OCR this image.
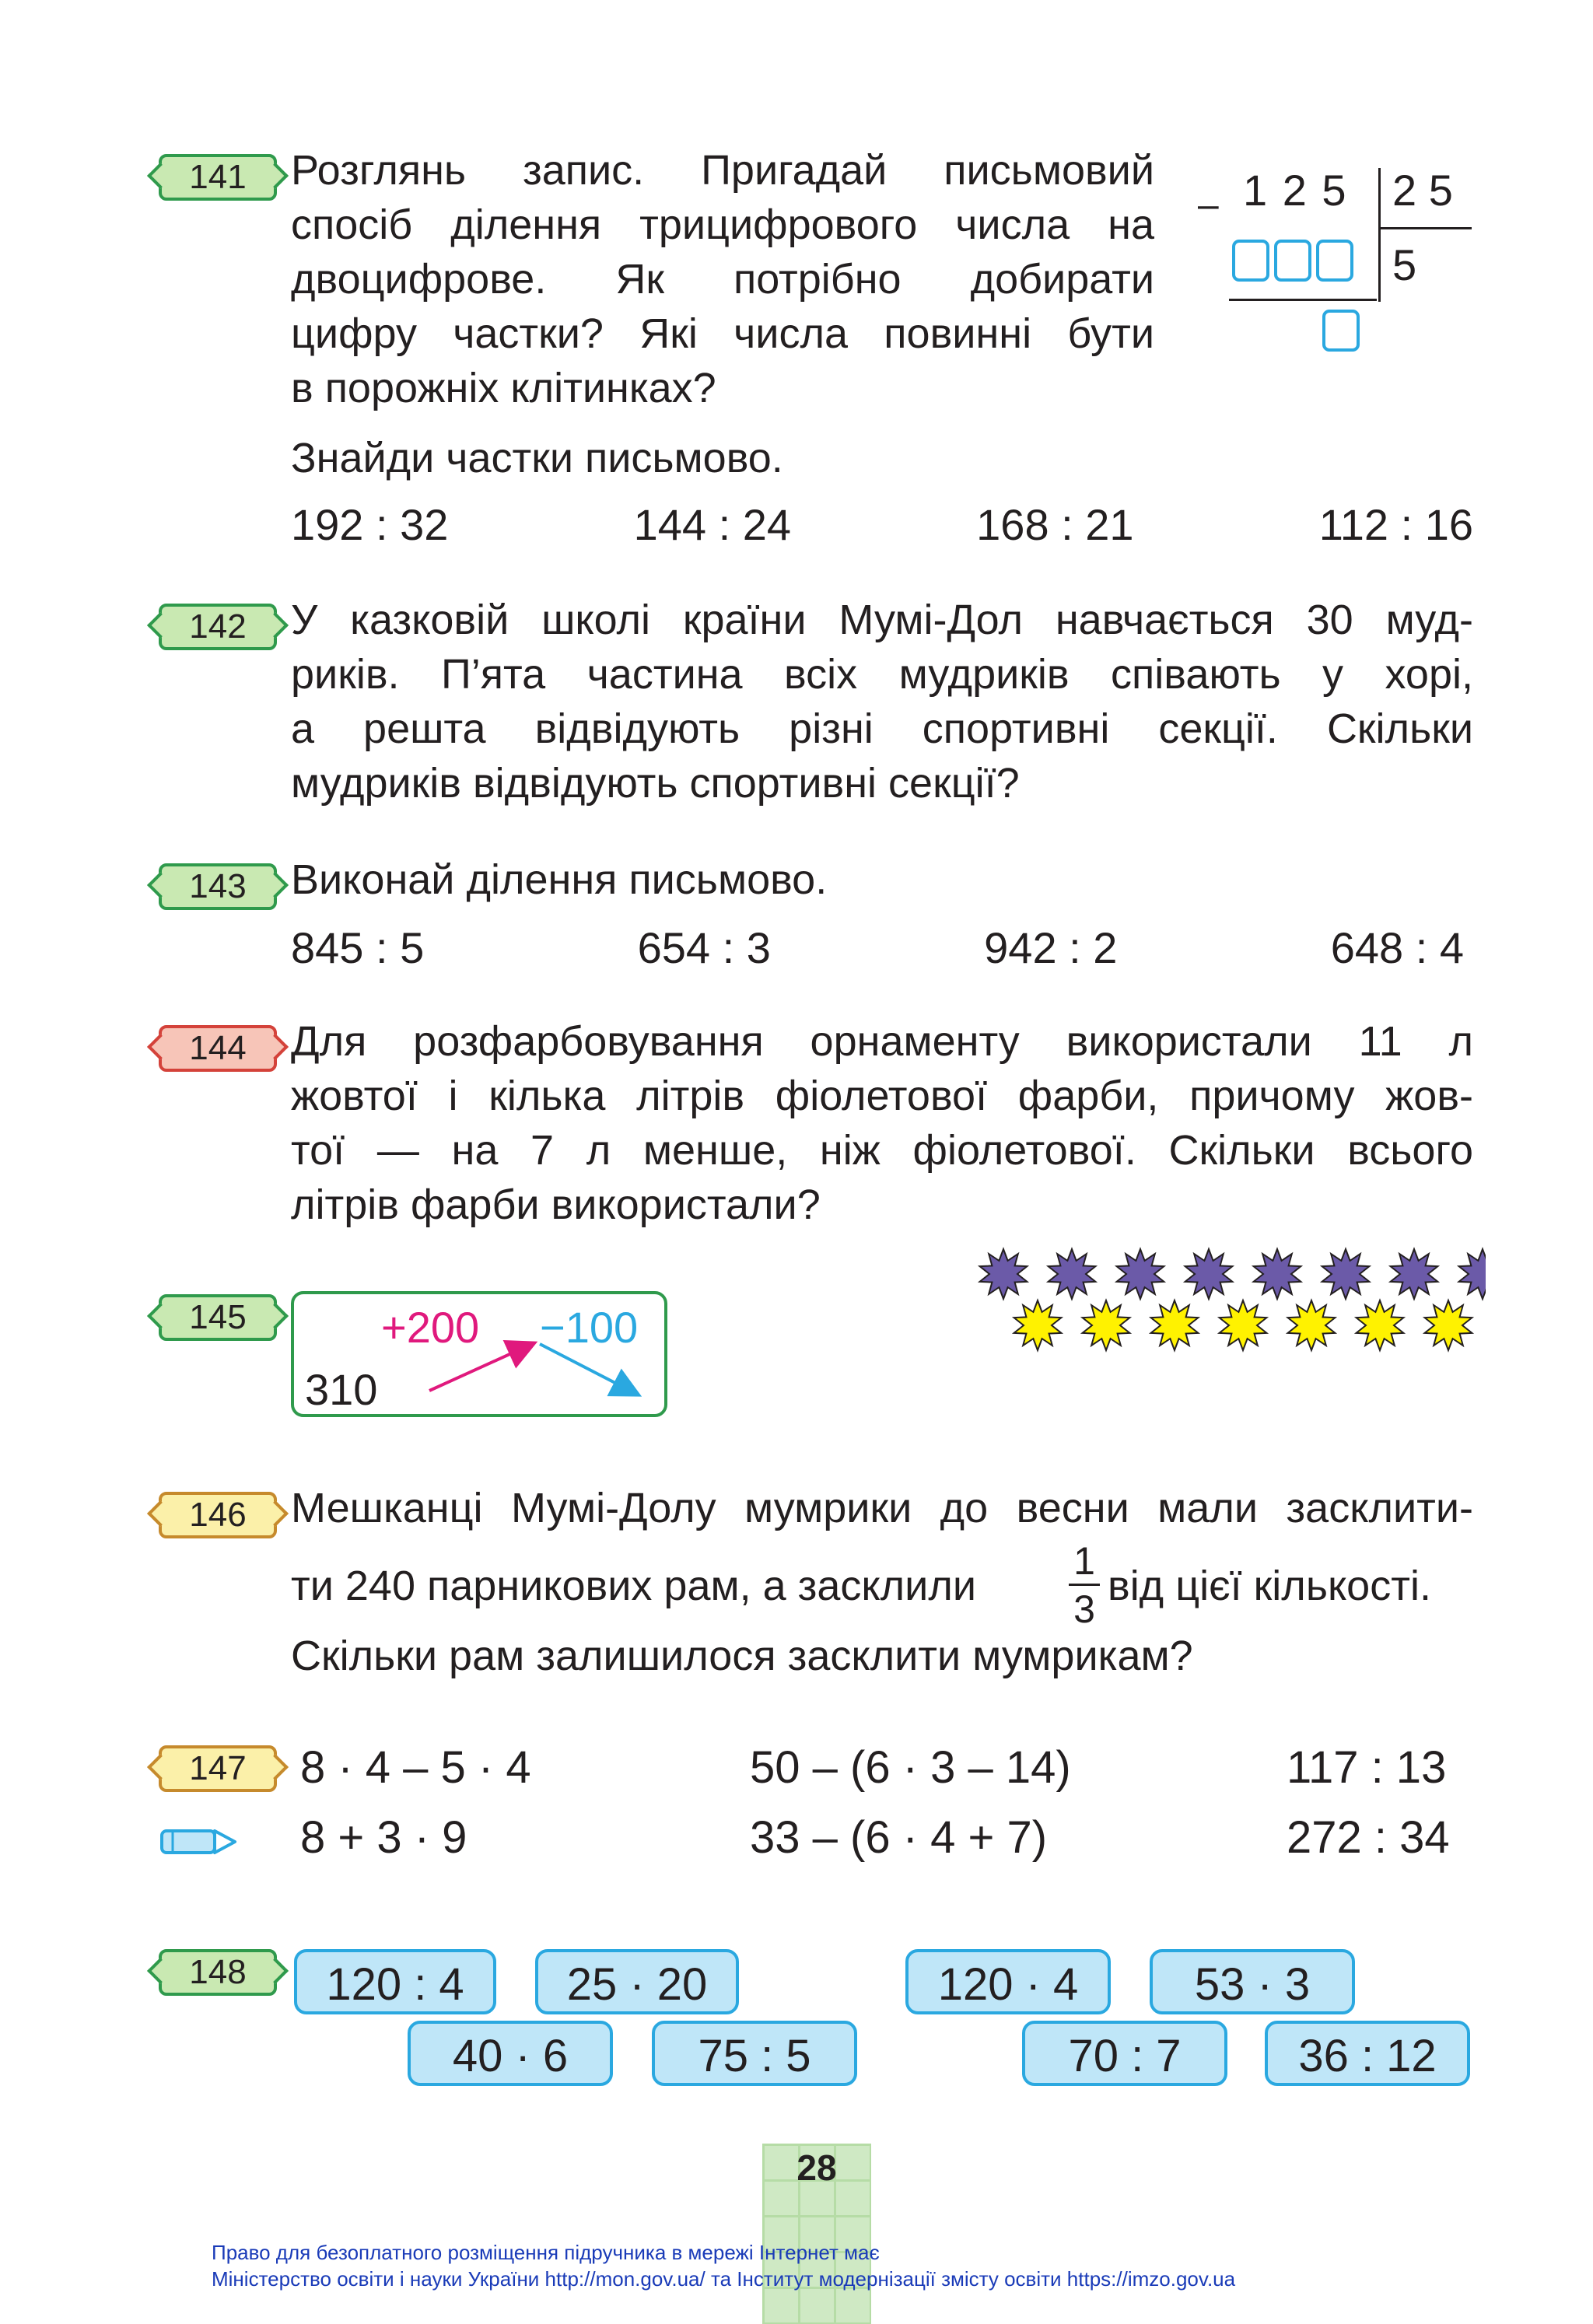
141	Розглянь запис. Пригадай письмовий
спосіб ділення трицифрового числа на
двоцифрове. Як потрібно добирати
цифру частки? Які числа повинні бути
в порожніх клітинках?
Знайди частки письмово.
192 : 32	144 : 24	168 : 21	112 : 16
– 1 2 5 2 5
5
142	У казковій школі країни Мумі-Дол навчається 30 муд-
риків. П’ята частина всіх мудриків співають у хорі,
а решта відвідують різні спортивні секції. Скільки
мудриків відвідують спортивні секції?
143	Виконай ділення письмово.
845 : 5	654 : 3	942 : 2	648 : 4
144	Для розфарбовування орнаменту використали 11 л
жовтої і кілька літрів фіолетової фарби, причому жов-
тої — на 7 л менше, ніж фіолетової. Скільки всього
літрів фарби використали?
145
310
+200 −100
146	Мешканці Мумі-Долу мумрики до весни мали засклити-
ти 240 парникових рам, а засклили
1
3 від цієї кількості.
Скільки рам залишилося засклити мумрикам?
147	8 · 4 – 5 · 4	50 – (6 · 3 – 14)	117 : 13
8 + 3 · 9	33 – (6 · 4 + 7)	272 : 34
148	120 : 4	25 · 20
40 · 6	75 : 5
120 · 4	53 · 3
70 : 7	36 : 12
28
Право для безоплатного розміщення підручника в мережі Інтернет має
Міністерство освіти і науки України http://mon.gov.ua/ та Інститут модернізації змісту освіти https://imzo.gov.ua
